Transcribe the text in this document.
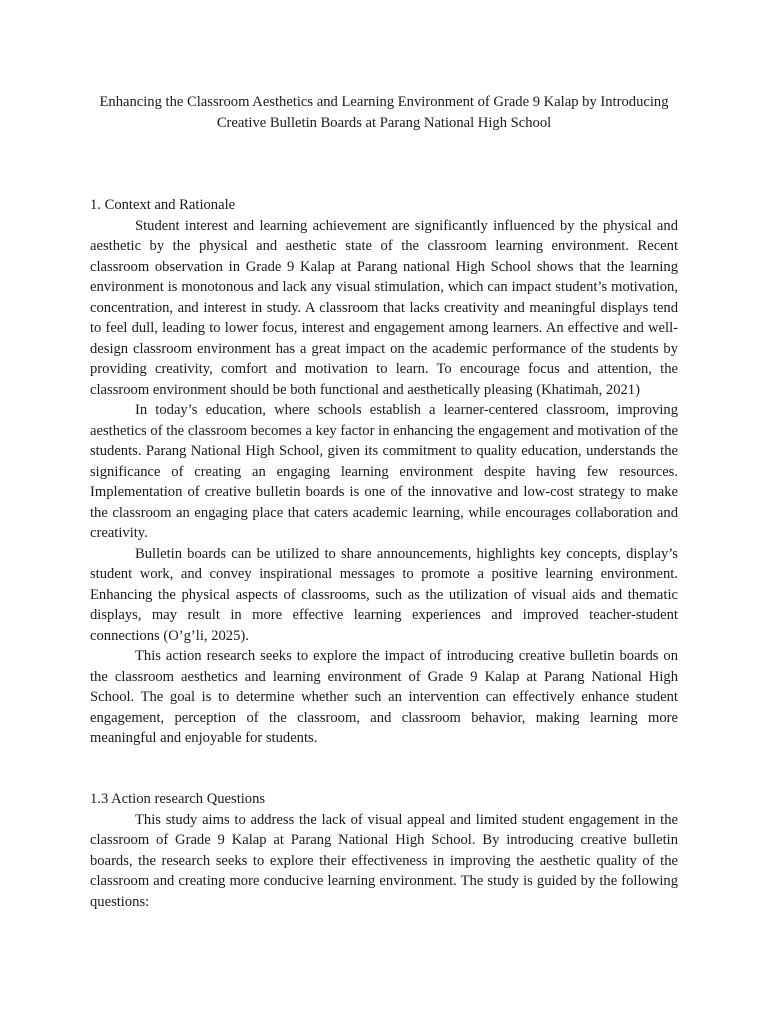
Enhancing the Classroom Aesthetics and Learning Environment of Grade 9 Kalap by Introducing
Creative Bulletin Boards at Parang National High School
1. Context and Rationale

Student interest and learning achievement are significantly influenced by the physical and aesthetic by the physical and aesthetic state of the classroom learning environment. Recent classroom observation in Grade 9 Kalap at Parang national High School shows that the learning environment is monotonous and lack any visual stimulation, which can impact student’s motivation, concentration, and interest in study. A classroom that lacks creativity and meaningful displays tend to feel dull, leading to lower focus, interest and engagement among learners. An effective and well-design classroom environment has a great impact on the academic performance of the students by providing creativity, comfort and motivation to learn. To encourage focus and attention, the classroom environment should be both functional and aesthetically pleasing (Khatimah, 2021)

In today’s education, where schools establish a learner-centered classroom, improving aesthetics of the classroom becomes a key factor in enhancing the engagement and motivation of the students. Parang National High School, given its commitment to quality education, understands the significance of creating an engaging learning environment despite having few resources. Implementation of creative bulletin boards is one of the innovative and low-cost strategy to make the classroom an engaging place that caters academic learning, while encourages collaboration and creativity.

Bulletin boards can be utilized to share announcements, highlights key concepts, display’s student work, and convey inspirational messages to promote a positive learning environment. Enhancing the physical aspects of classrooms, such as the utilization of visual aids and thematic displays, may result in more effective learning experiences and improved teacher-student connections (O’g’li, 2025).

This action research seeks to explore the impact of introducing creative bulletin boards on the classroom aesthetics and learning environment of Grade 9 Kalap at Parang National High School. The goal is to determine whether such an intervention can effectively enhance student engagement, perception of the classroom, and classroom behavior, making learning more meaningful and enjoyable for students.

1.3 Action research Questions

This study aims to address the lack of visual appeal and limited student engagement in the classroom of Grade 9 Kalap at Parang National High School. By introducing creative bulletin boards, the research seeks to explore their effectiveness in improving the aesthetic quality of the classroom and creating more conducive learning environment. The study is guided by the following questions:
